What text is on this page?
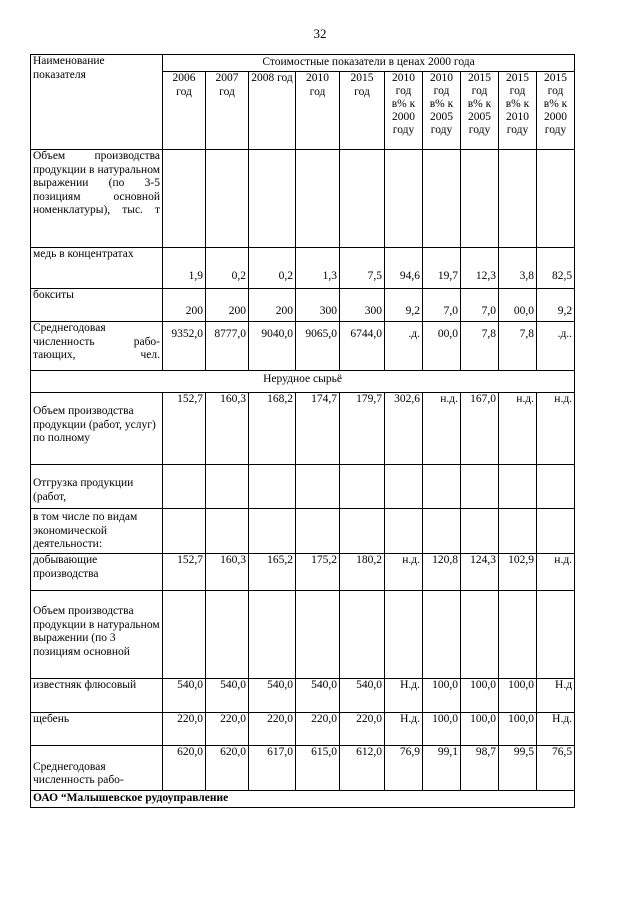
32
Наименование показателя	Стоимостные показатели в ценах 2000 года									
	2006 год	2007 год	2008 год	2010 год	2015 год	2010 год в% к 2000 году	2010 год в% к 2005 году	2015 год в% к 2005 году	2015 год в% к 2010 году	2015 год в% к 2000 году
Объем производства продукции в натуральном выражении (по 3-5 позициям основной номенклатуры), тыс. т										
медь в концентратах	1,9	0,2	0,2	1,3	7,5	94,6	19,7	12,3	3,8	82,5
бокситы	200	200	200	300	300	9,2	7,0	7,0	00,0	9,2
Среднегодовая численность рабо-тающих, чел.	9352,0	8777,0	9040,0	9065,0	6744,0	.д.	00,0	7,8	7,8	.д..
Нерудное сырьё										
Объем производства продукции (работ, услуг) по полному	152,7	160,3	168,2	174,7	179,7	302,6	н.д.	167,0	н.д.	н.д.
Отгрузка продукции (работ,										
в том числе по видам экономической деятельности:										
добывающие производства	152,7	160,3	165,2	175,2	180,2	н.д.	120,8	124,3	102,9	н.д.
Объем производства продукции в натуральном выражении (по 3 позициям основной										
известняк флюсовый	540,0	540,0	540,0	540,0	540,0	Н.д.	100,0	100,0	100,0	Н.д
щебень	220,0	220,0	220,0	220,0	220,0	Н.д.	100,0	100,0	100,0	Н.д.
Среднегодовая численность рабо-	620,0	620,0	617,0	615,0	612,0	76,9	99,1	98,7	99,5	76,5
ОАО “Малышевское рудоуправление										
